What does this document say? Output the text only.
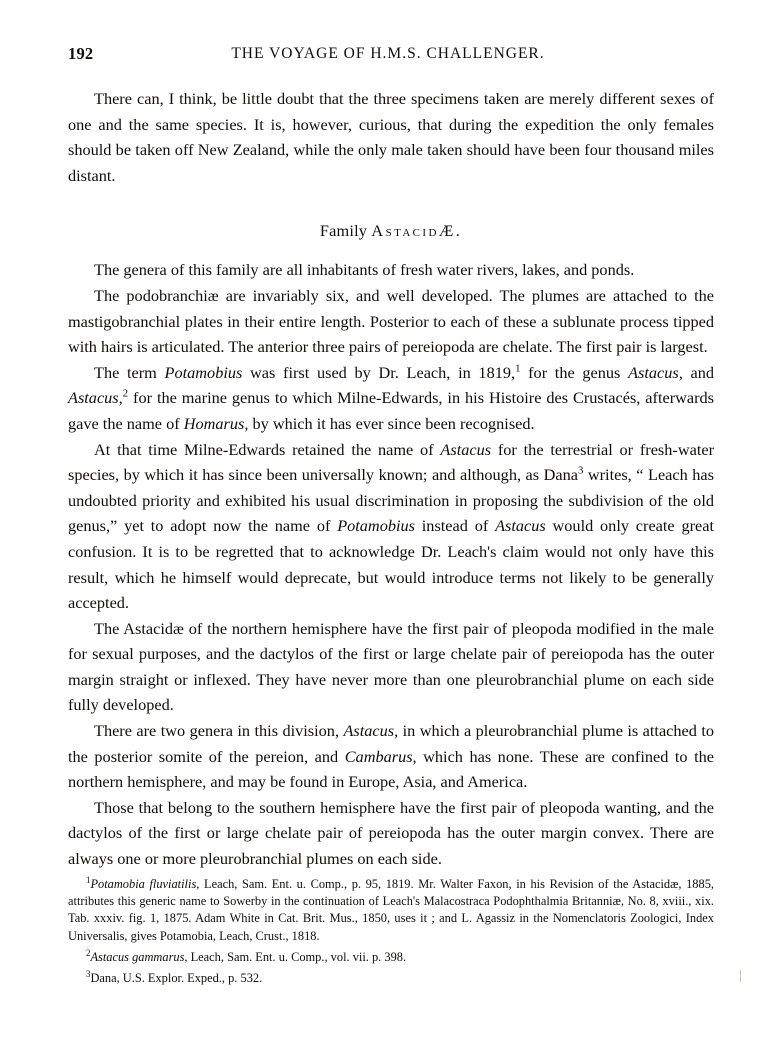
192	THE VOYAGE OF H.M.S. CHALLENGER.

There can, I think, be little doubt that the three specimens taken are merely different sexes of one and the same species. It is, however, curious, that during the expedition the only females should be taken off New Zealand, while the only male taken should have been four thousand miles distant.

Family AstacidÆ.

The genera of this family are all inhabitants of fresh water rivers, lakes, and ponds.

The podobranchiæ are invariably six, and well developed. The plumes are attached to the mastigobranchial plates in their entire length. Posterior to each of these a sublunate process tipped with hairs is articulated. The anterior three pairs of pereiopoda are chelate. The first pair is largest.

The term Potamobius was first used by Dr. Leach, in 1819,$^1$ for the genus Astacus, and Astacus,$^2$ for the marine genus to which Milne-Edwards, in his Histoire des Crustacés, afterwards gave the name of Homarus, by which it has ever since been recognised.

At that time Milne-Edwards retained the name of Astacus for the terrestrial or fresh-water species, by which it has since been universally known; and although, as Dana$^3$ writes, “ Leach has undoubted priority and exhibited his usual discrimination in proposing the subdivision of the old genus,” yet to adopt now the name of Potamobius instead of Astacus would only create great confusion. It is to be regretted that to acknowledge Dr. Leach's claim would not only have this result, which he himself would deprecate, but would introduce terms not likely to be generally accepted.

The Astacidæ of the northern hemisphere have the first pair of pleopoda modified in the male for sexual purposes, and the dactylos of the first or large chelate pair of pereiopoda has the outer margin straight or inflexed. They have never more than one pleurobranchial plume on each side fully developed.

There are two genera in this division, Astacus, in which a pleurobranchial plume is attached to the posterior somite of the pereion, and Cambarus, which has none. These are confined to the northern hemisphere, and may be found in Europe, Asia, and America.

Those that belong to the southern hemisphere have the first pair of pleopoda wanting, and the dactylos of the first or large chelate pair of pereiopoda has the outer margin convex. There are always one or more pleurobranchial plumes on each side.

$^1$Potamobia fluviatilis, Leach, Sam. Ent. u. Comp., p. 95, 1819. Mr. Walter Faxon, in his Revision of the Astacidæ, 1885, attributes this generic name to Sowerby in the continuation of Leach's Malacostraca Podophthalmia Britanniæ, No. 8, xviii., xix. Tab. xxxiv. fig. 1, 1875. Adam White in Cat. Brit. Mus., 1850, uses it ; and L. Agassiz in the Nomenclatoris Zoologici, Index Universalis, gives Potamobia, Leach, Crust., 1818.
$^2$Astacus gammarus, Leach, Sam. Ent. u. Comp., vol. vii. p. 398.
$^3$Dana, U.S. Explor. Exped., p. 532.
